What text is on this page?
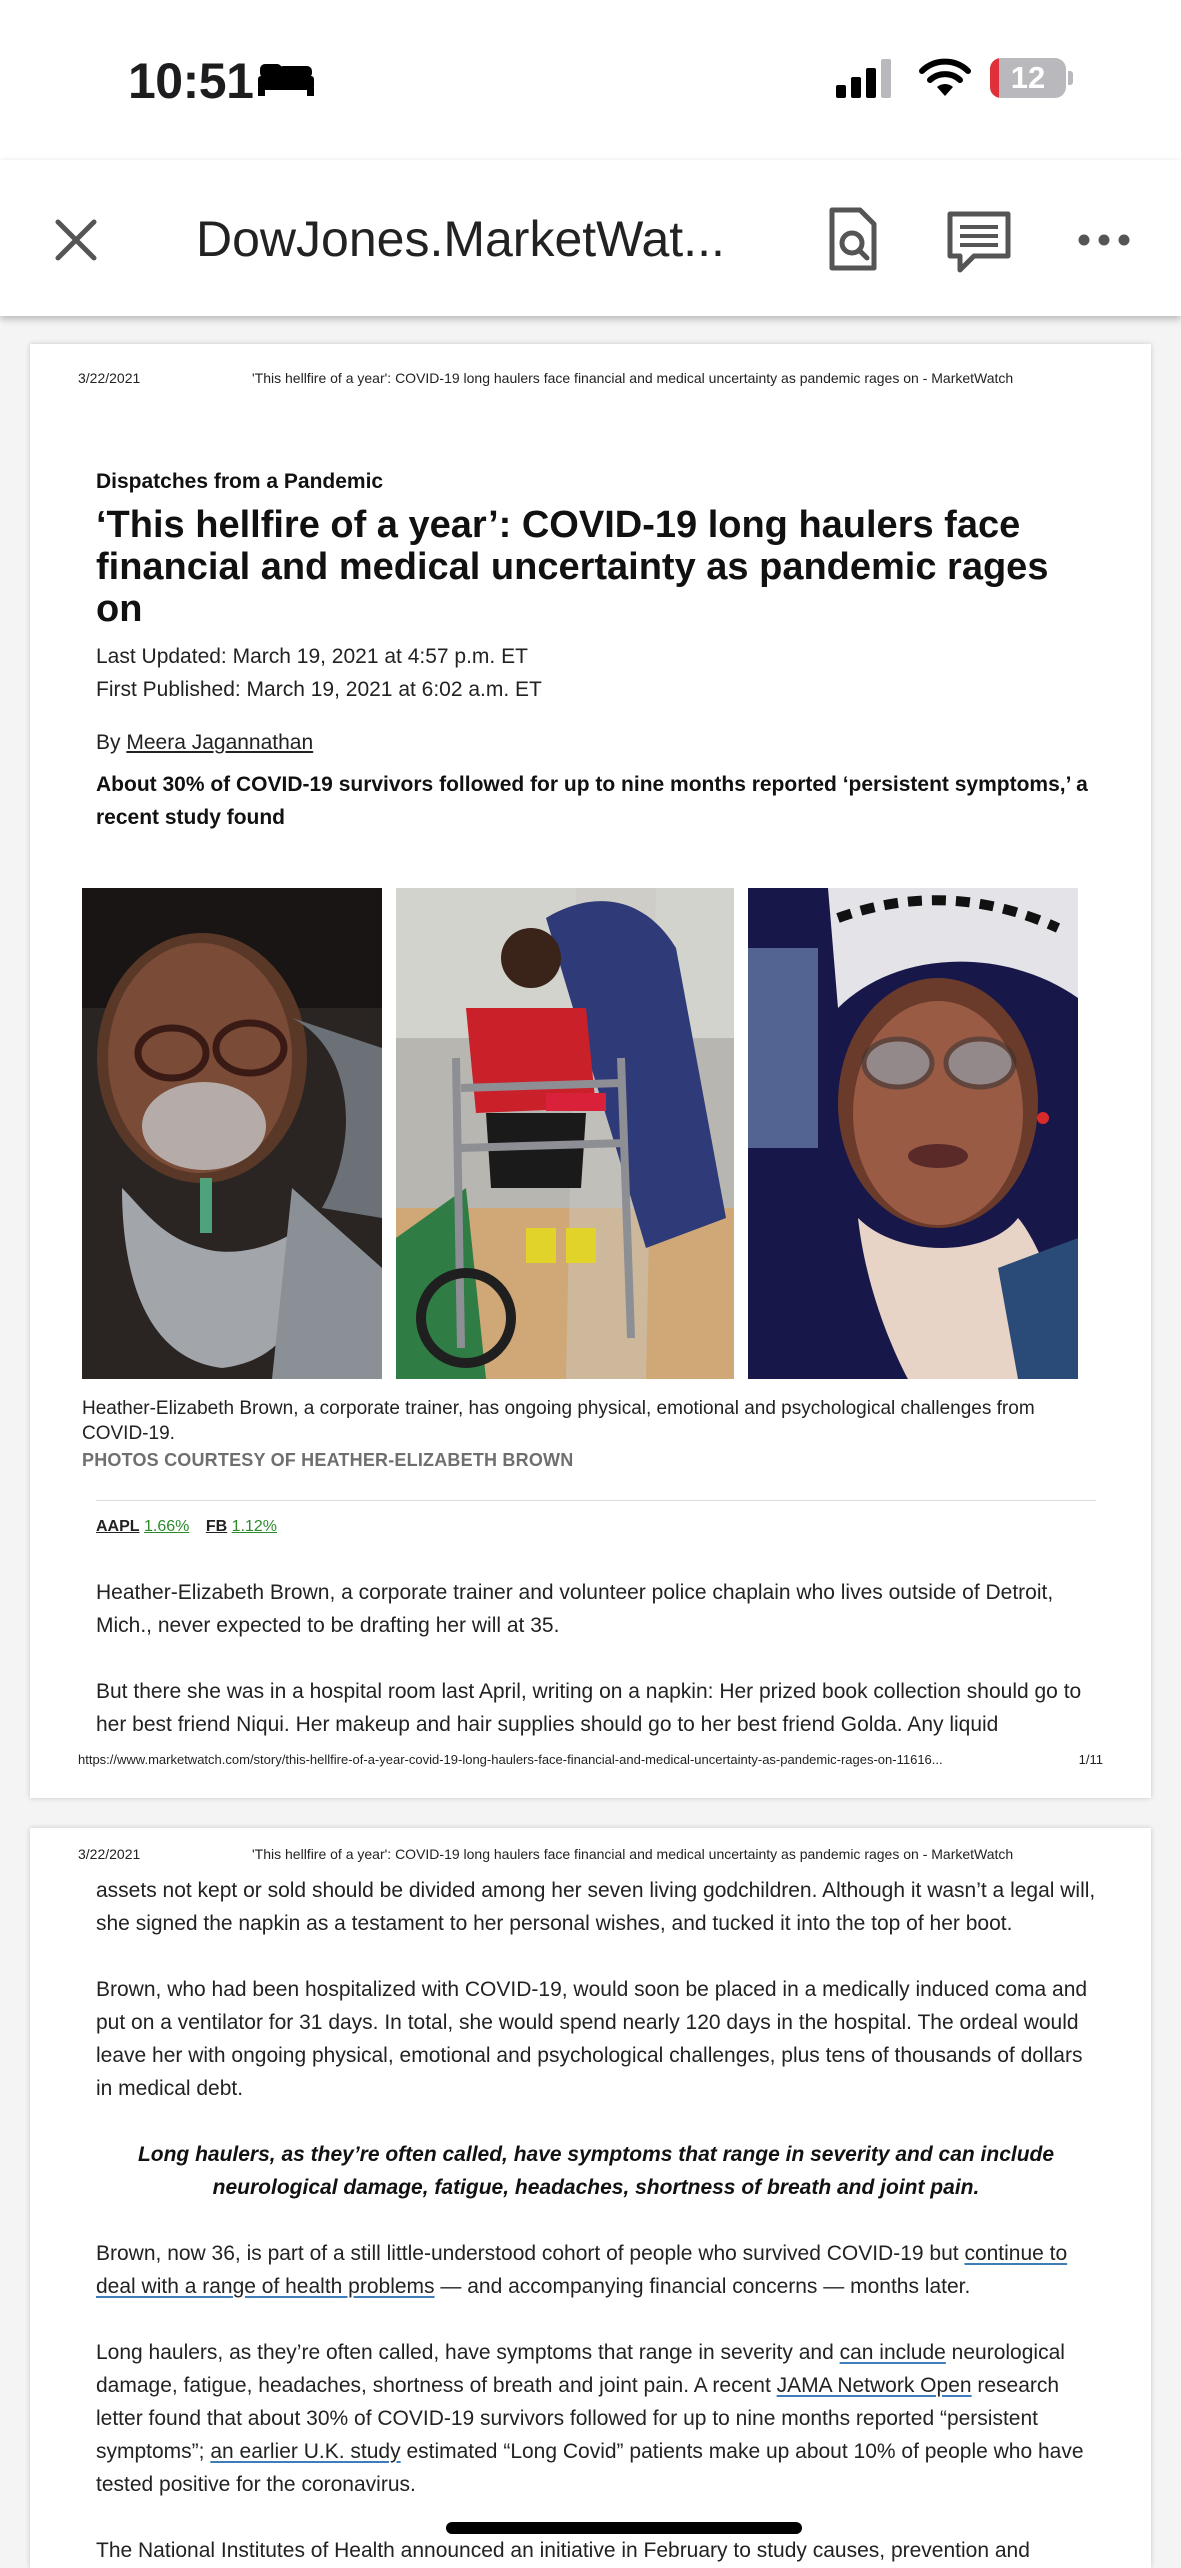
10:51	12
DowJones.MarketWat...
3/22/2021	'This hellfire of a year': COVID-19 long haulers face financial and medical uncertainty as pandemic rages on - MarketWatch
Dispatches from a Pandemic
‘This hellfire of a year’: COVID-19 long haulers face financial and medical uncertainty as pandemic rages on
Last Updated: March 19, 2021 at 4:57 p.m. ET
First Published: March 19, 2021 at 6:02 a.m. ET
By Meera Jagannathan
About 30% of COVID-19 survivors followed for up to nine months reported ‘persistent symptoms,’ a recent study found
Heather-Elizabeth Brown, a corporate trainer, has ongoing physical, emotional and psychological challenges from COVID-19.
PHOTOS COURTESY OF HEATHER-ELIZABETH BROWN
AAPL 1.66% FB 1.12%
Heather-Elizabeth Brown, a corporate trainer and volunteer police chaplain who lives outside of Detroit, Mich., never expected to be drafting her will at 35.
But there she was in a hospital room last April, writing on a napkin: Her prized book collection should go to her best friend Niqui. Her makeup and hair supplies should go to her best friend Golda. Any liquid
https://www.marketwatch.com/story/this-hellfire-of-a-year-covid-19-long-haulers-face-financial-and-medical-uncertainty-as-pandemic-rages-on-11616...	1/11
3/22/2021	'This hellfire of a year': COVID-19 long haulers face financial and medical uncertainty as pandemic rages on - MarketWatch
assets not kept or sold should be divided among her seven living godchildren. Although it wasn’t a legal will, she signed the napkin as a testament to her personal wishes, and tucked it into the top of her boot.
Brown, who had been hospitalized with COVID-19, would soon be placed in a medically induced coma and put on a ventilator for 31 days. In total, she would spend nearly 120 days in the hospital. The ordeal would leave her with ongoing physical, emotional and psychological challenges, plus tens of thousands of dollars in medical debt.
Long haulers, as they’re often called, have symptoms that range in severity and can include neurological damage, fatigue, headaches, shortness of breath and joint pain.
Brown, now 36, is part of a still little-understood cohort of people who survived COVID-19 but continue to deal with a range of health problems — and accompanying financial concerns — months later.
Long haulers, as they’re often called, have symptoms that range in severity and can include neurological damage, fatigue, headaches, shortness of breath and joint pain. A recent JAMA Network Open research letter found that about 30% of COVID-19 survivors followed for up to nine months reported “persistent symptoms”; an earlier U.K. study estimated “Long Covid” patients make up about 10% of people who have tested positive for the coronavirus.
The National Institutes of Health announced an initiative in February to study causes, prevention and
